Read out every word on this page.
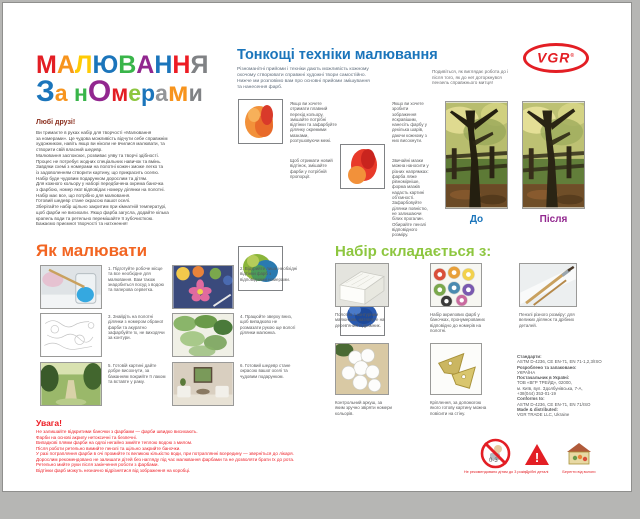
МАЛЮВАННЯ
За нОмерами
Любі друзі!
Ви тримаєте в руках набір для творчості «Малювання
за номерами». Це чудова можливість відчути себе справжнім
художником, навіть якщо ви ніколи не вчилися малювати, та
створити свій власний шедевр.
Малювання заспокоює, розвиває уяву та творчі здібності.
Процес не потребує жодних спеціальних навичок та вмінь.
Завдяки схемі з номерами на полотні кожен зможе легко та
із задоволенням створити картину, що прикрасить оселю.
Набір буде чудовим подарунком дорослим та дітям.
Для кожного кольору у наборі передбачена окрема баночка
з фарбою, номер якої відповідає номеру ділянки на полотні.
Набір має все, що потрібно для малювання.
Готовий шедевр стане окрасою вашої оселі.
Зберігайте набір щільно закритим при кімнатній температурі,
щоб фарби не висихали. Якщо фарба загусла, додайте кілька
крапель води та ретельно перемішайте її зубочисткою.
Бажаємо приємної творчості та натхнення!
Тонкощі техніки малювання
Різноманітні прийоми і техніки дають можливість кожному
охочому створювати справжні художні твори самостійно.
Нижче ми розповімо вам про основні прийоми змішування
та нанесення фарб.
Якщо ви хочете отримати плавний перехід кольору, змішайте потрібні відтінки та зафарбуйте ділянку окремими мазками, розтушовуючи межі.
Якщо ви хочете зробити зображення яскравішим, нанесіть фарбу у декілька шарів, даючи кожному з них висохнути.
Щоб отримати новий відтінок, змішайте фарби у потрібній пропорції.
Звичайні мазки можна наносити у різних напрямках: фарба ляже рівномірніше, форма мазків надасть картині обʼємності. Зафарбовуйте ділянки повністю, не залишаючи білих прогалин. Обирайте пензлі відповідного розміру.
VGR®
Подивіться, як виглядає робота до і після того, як до неї доторкнувся пензель справжнього митця!
До	Після
Як малювати
1. Підготуйте робоче місце та все необхідне для малювання. Вам також знадобиться посуд з водою та паперова серветка.
2. Відкрийте лише необхідні відтінки фарб з відповідними номерами.
3. Знайдіть на полотні ділянки з номером обраної фарби та акуратно зафарбуйте їх, не виходячи за контури.
4. Працюйте зверху вниз, щоб випадково не розмазати рукою ще вологі ділянки малюнка.
5. Готовій картині дайте добре висохнути, за бажанням покрийте її лаком та вставте у раму.
6. Готовий шедевр стане окрасою вашої оселі та чудовим подарунком.
Увага!
Не залишайте відкритими баночки з фарбами — фарби швидко висихають.
Фарби на основі акрилу нетоксичні та безпечні.
Випадкові плями фарби на одязі негайно змийте теплою водою з милом.
Після роботи ретельно вимийте пензлі та щільно закрийте баночки.
У разі потрапляння фарби в очі промийте їх великою кількістю води, при потраплянні всередину — зверніться до лікаря.
Дорослим рекомендовано не залишати дітей без нагляду під час малювання фарбами та не дозволяти брати їх до рота.
Ретельно мийте руки після закінчення роботи з фарбами.
Відтінки фарб можуть незначно відрізнятися від зображення на коробці.
Набір складається з:
Полотно з контурним малюнком, натягнуте на дерев'яний підрамник.
Набір акрилових фарб у баночках, пронумерованих відповідно до номерів на полотні.
Пензлі різного розміру: для великих ділянок та дрібних деталей.
Контрольний аркуш, за яким зручно звіряти номери кольорів.
Кріплення, за допомогою якого готову картину можна повісити на стіну.
Стандарти:
ASTM D-4236, CE EN-71, EN 71-1,2,3/ISO
Розроблено та запаковано:
УКРАЇНА
Постачальник в Україні:
ТОВ «ВГР ТРЕЙД», 02000,
м. Київ, вул. Здолбунівська, 7-А,
+38(044) 353-01-19
Conforms to:
ASTM D-4236, CE EN-71, EN 71/ISO
Made & distributed:
VGR TRADE LLC, Ukraine
0-3
Не рекомендовано дітям до 3 років
!
Дрібні деталі	Берегти від вологи
